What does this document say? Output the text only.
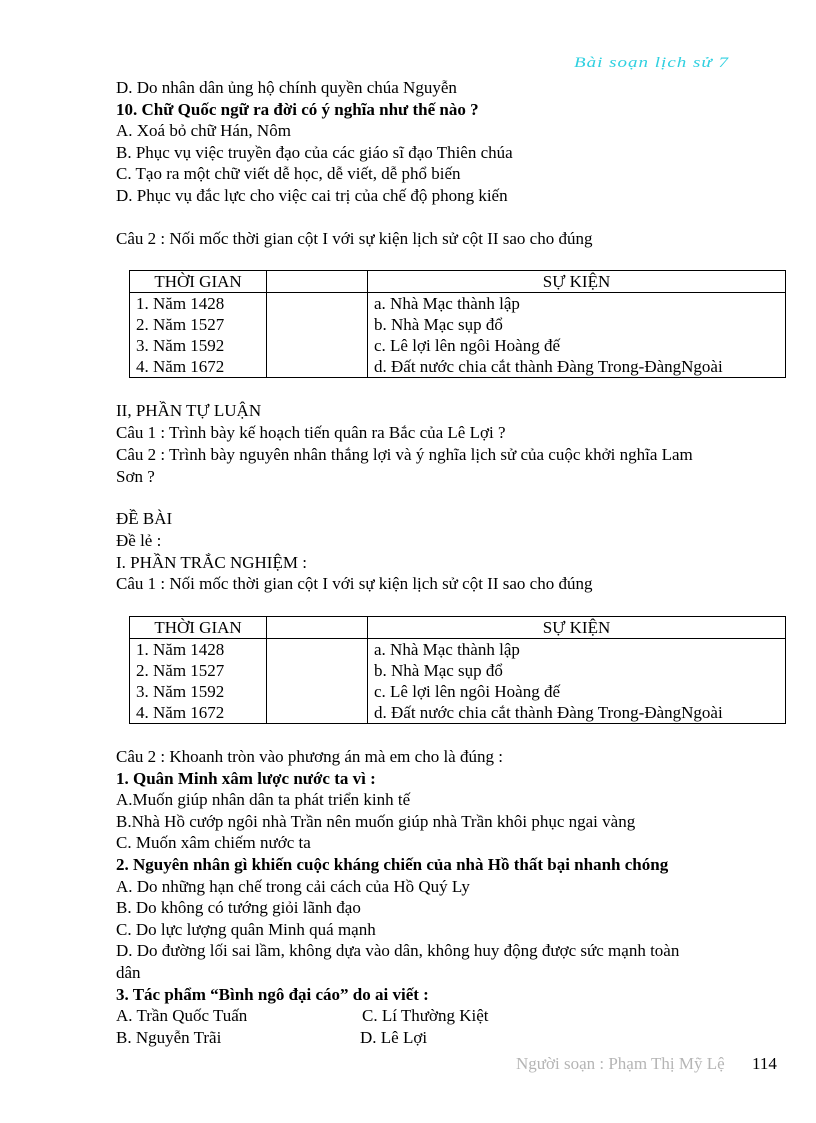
Bài soạn lịch sử 7
D. Do nhân dân ủng hộ chính quyền chúa Nguyễn
10. Chữ Quốc ngữ ra đời có ý nghĩa như thế nào ?
A. Xoá bỏ chữ Hán, Nôm
B. Phục vụ việc truyền đạo của các giáo sĩ đạo Thiên chúa
C. Tạo ra một chữ viết dễ học, dễ viết, dễ phổ biến
D. Phục vụ đắc lực cho việc cai trị của chế độ phong kiến
Câu 2 : Nối mốc thời gian cột I với sự kiện lịch sử cột II sao cho đúng
THỜI GIAN		SỰ KIỆN
1. Năm 1428		a. Nhà Mạc thành lập
2. Năm 1527		b. Nhà Mạc sụp đổ
3. Năm 1592		c. Lê lợi lên ngôi Hoàng đế
4. Năm 1672		d. Đất nước chia cắt thành Đàng Trong-ĐàngNgoài
II, PHẦN TỰ LUẬN
Câu 1 : Trình bày kế hoạch tiến quân ra Bắc của Lê Lợi ?
Câu 2 : Trình bày nguyên nhân thắng lợi và ý nghĩa lịch sử của cuộc khởi nghĩa Lam
Sơn ?
ĐỀ BÀI
Đề lẻ :
I. PHẦN TRẮC NGHIỆM :
Câu 1 : Nối mốc thời gian cột I với sự kiện lịch sử cột II sao cho đúng
THỜI GIAN		SỰ KIỆN
1. Năm 1428		a. Nhà Mạc thành lập
2. Năm 1527		b. Nhà Mạc sụp đổ
3. Năm 1592		c. Lê lợi lên ngôi Hoàng đế
4. Năm 1672		d. Đất nước chia cắt thành Đàng Trong-ĐàngNgoài
Câu 2 : Khoanh tròn vào phương án mà em cho là đúng :
1. Quân Minh xâm lược nước ta vì :
A.Muốn giúp nhân dân ta phát triển kinh tế
B.Nhà Hồ cướp ngôi nhà Trần nên muốn giúp nhà Trần khôi phục ngai vàng
C. Muốn xâm chiếm nước ta
2. Nguyên nhân gì khiến cuộc kháng chiến của nhà Hồ thất bại nhanh chóng
A. Do những hạn chế trong cải cách của Hồ Quý Ly
B. Do không có tướng giỏi lãnh đạo
C. Do lực lượng quân Minh quá mạnh
D. Do đường lối sai lầm, không dựa vào dân, không huy động được sức mạnh toàn
dân
3. Tác phẩm “Bình ngô đại cáo” do ai viết :
A. Trần Quốc Tuấn	C. Lí Thường Kiệt
B. Nguyễn Trãi	D. Lê Lợi
Người soạn : Phạm Thị Mỹ Lệ 114
